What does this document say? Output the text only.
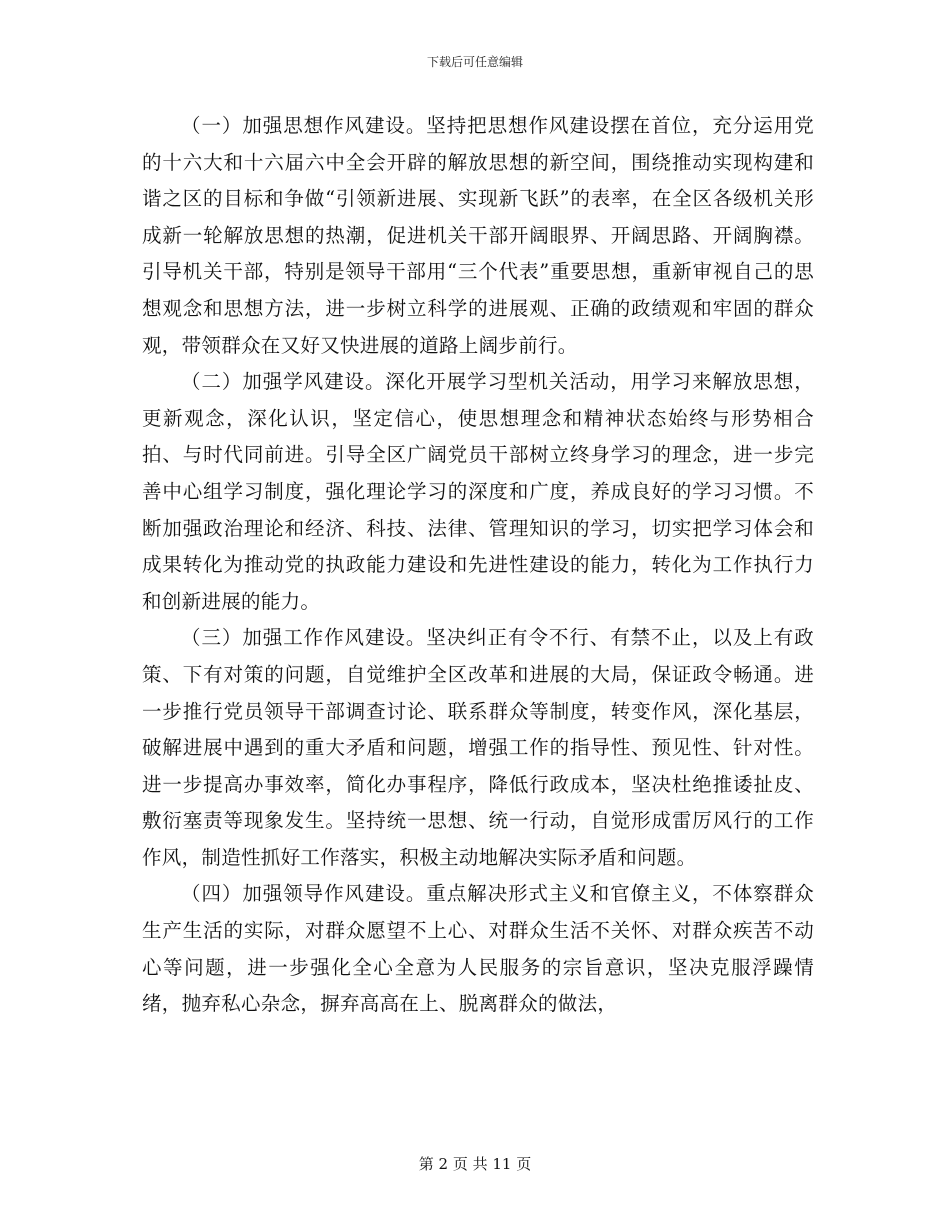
下载后可任意编辑

（一）加强思想作风建设。坚持把思想作风建设摆在首位，充分运用党的十六大和十六届六中全会开辟的解放思想的新空间，围绕推动实现构建和谐之区的目标和争做“引领新进展、实现新飞跃”的表率，在全区各级机关形成新一轮解放思想的热潮，促进机关干部开阔眼界、开阔思路、开阔胸襟。引导机关干部，特别是领导干部用“三个代表”重要思想，重新审视自己的思想观念和思想方法，进一步树立科学的进展观、正确的政绩观和牢固的群众观，带领群众在又好又快进展的道路上阔步前行。

（二）加强学风建设。深化开展学习型机关活动，用学习来解放思想，更新观念，深化认识，坚定信心，使思想理念和精神状态始终与形势相合拍、与时代同前进。引导全区广阔党员干部树立终身学习的理念，进一步完善中心组学习制度，强化理论学习的深度和广度，养成良好的学习习惯。不断加强政治理论和经济、科技、法律、管理知识的学习，切实把学习体会和成果转化为推动党的执政能力建设和先进性建设的能力，转化为工作执行力和创新进展的能力。

（三）加强工作作风建设。坚决纠正有令不行、有禁不止，以及上有政策、下有对策的问题，自觉维护全区改革和进展的大局，保证政令畅通。进一步推行党员领导干部调查讨论、联系群众等制度，转变作风，深化基层，破解进展中遇到的重大矛盾和问题，增强工作的指导性、预见性、针对性。进一步提高办事效率，简化办事程序，降低行政成本，坚决杜绝推诿扯皮、敷衍塞责等现象发生。坚持统一思想、统一行动，自觉形成雷厉风行的工作作风，制造性抓好工作落实，积极主动地解决实际矛盾和问题。

（四）加强领导作风建设。重点解决形式主义和官僚主义，不体察群众生产生活的实际，对群众愿望不上心、对群众生活不关怀、对群众疾苦不动心等问题，进一步强化全心全意为人民服务的宗旨意识，坚决克服浮躁情绪，抛弃私心杂念，摒弃高高在上、脱离群众的做法，

第 2 页 共 11 页
